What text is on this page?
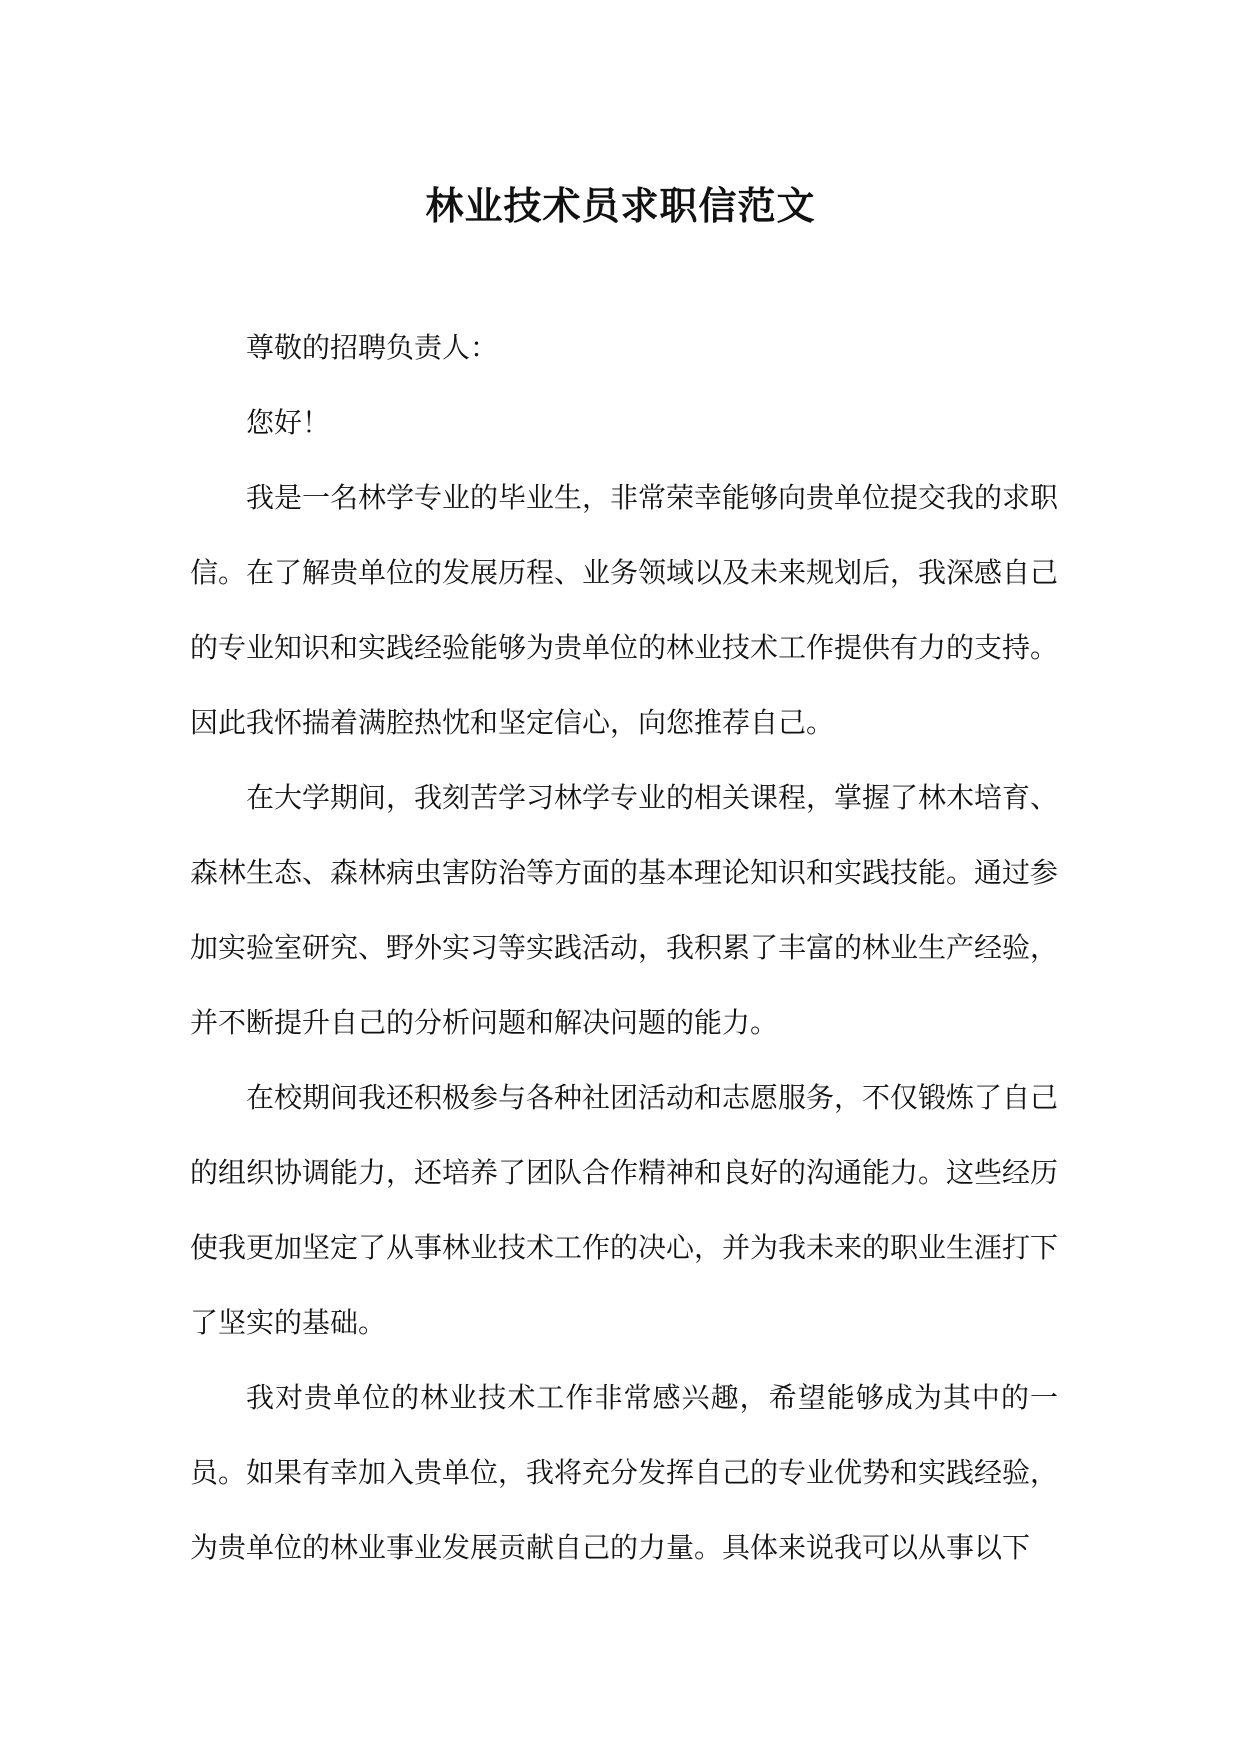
林业技术员求职信范文

尊敬的招聘负责人：

您好！

我是一名林学专业的毕业生，非常荣幸能够向贵单位提交我的求职信。在了解贵单位的发展历程、业务领域以及未来规划后，我深感自己的专业知识和实践经验能够为贵单位的林业技术工作提供有力的支持。因此我怀揣着满腔热忱和坚定信心，向您推荐自己。

在大学期间，我刻苦学习林学专业的相关课程，掌握了林木培育、森林生态、森林病虫害防治等方面的基本理论知识和实践技能。通过参加实验室研究、野外实习等实践活动，我积累了丰富的林业生产经验，并不断提升自己的分析问题和解决问题的能力。

在校期间我还积极参与各种社团活动和志愿服务，不仅锻炼了自己的组织协调能力，还培养了团队合作精神和良好的沟通能力。这些经历使我更加坚定了从事林业技术工作的决心，并为我未来的职业生涯打下了坚实的基础。

我对贵单位的林业技术工作非常感兴趣，希望能够成为其中的一员。如果有幸加入贵单位，我将充分发挥自己的专业优势和实践经验，为贵单位的林业事业发展贡献自己的力量。具体来说我可以从事以下
